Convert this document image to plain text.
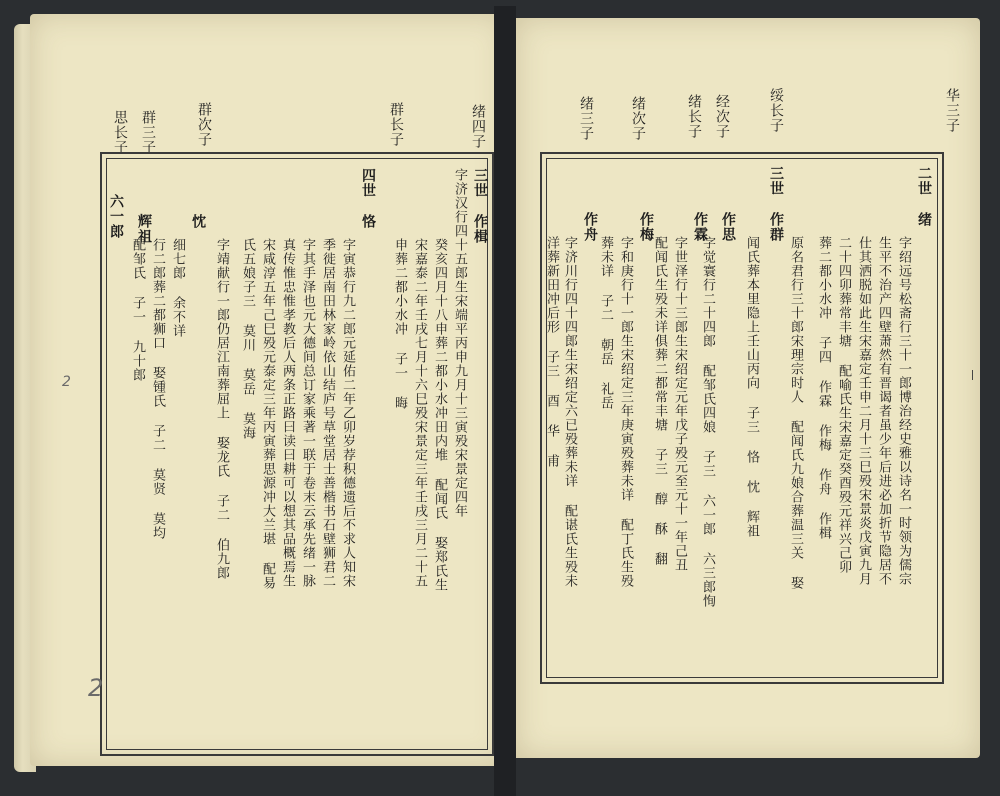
绪四子
群长子
群次子
群三子
思长子
三世
作楫
四世
恪
忱
辉祖
六一郎	字济汉行四十五郎生宋端平丙申九月十三寅殁宋景定四年
癸亥四月十八申葬二都小水冲田内堆 配闻氏 娶郑氏生
宋嘉泰二年壬戌七月十六巳殁宋景定三年壬戌三月二十五
申葬二都小水冲 子一 晦
字寅恭行九二郎元延佑二年乙卯岁荐积德遗后不求人知宋
季徙居南田林家岭依山结庐号草堂居士善楷书石壁狮君二
字其手泽也元大德间总订家乘著一联于卷末云承先绪一脉
真传惟忠惟孝教后人两条正路曰读曰耕可以想其品概焉生
宋咸淳五年己巳殁元泰定三年丙寅葬思源冲大兰堪 配易
氏五娘子三 莫川 莫岳 莫海
字靖献行一郎仍居江南葬屈上 娶龙氏 子二 伯九郎
细七郎 余不详
行二郎葬二都狮口 娶锺氏 子二 莫贤 莫均
配邹氏 子一 九十郎
2
2
华三子
绥长子
经次子
绪长子
绪次子
绪三子
二世
绪
三世
作群
作思
作霖
作梅
作舟
字绍远号松斋行三十一郎博治经史雅以诗名一时领为儒宗
生平不治产四壁萧然有晋谒者虽少年后进必加折节隐居不
仕其洒脱如此生宋嘉定壬申二月十三巳殁宋景炎戊寅九月
二十四卯葬常丰塘 配喻氏生宋嘉定癸酉殁元祥兴己卯
葬二都小水冲 子四 作霖 作梅 作舟 作楫
原名君行三十郎宋理宗时人 配闻氏九娘合葬温三关 娶
闻氏葬本里隐上壬山丙向 子三 恪 忱 辉祖
字觉寰行二十四郎 配邹氏四娘 子三 六一郎 六三郎恂
字世泽行十三郎生宋绍定元年戊子殁元至元十一年己丑
配闻氏生殁未详俱葬二都常丰塘 子三 醇 酥 翻
字和庚行十一郎生宋绍定三年庚寅殁葬未详 配丁氏生殁
葬未详 子二 朝岳 礼岳
字济川行四十四郎生宋绍定六已殁葬未详 配谌氏生殁未
洋葬新田冲后形 子三 酉 华 甫
